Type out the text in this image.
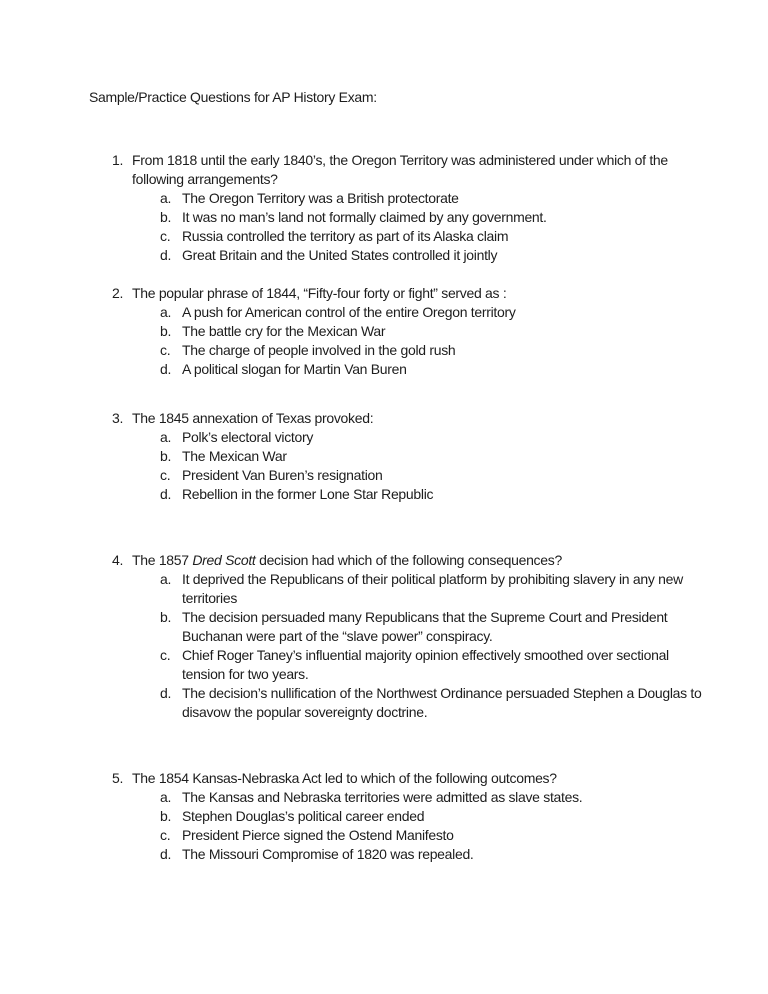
Sample/Practice Questions for AP History Exam:
1. From 1818 until the early 1840’s, the Oregon Territory was administered under which of the
following arrangements?
a. The Oregon Territory was a British protectorate
b. It was no man’s land not formally claimed by any government.
c. Russia controlled the territory as part of its Alaska claim
d. Great Britain and the United States controlled it jointly
2. The popular phrase of 1844, “Fifty-four forty or fight” served as :
a. A push for American control of the entire Oregon territory
b. The battle cry for the Mexican War
c. The charge of people involved in the gold rush
d. A political slogan for Martin Van Buren
3. The 1845 annexation of Texas provoked:
a. Polk’s electoral victory
b. The Mexican War
c. President Van Buren’s resignation
d. Rebellion in the former Lone Star Republic
4. The 1857 Dred Scott decision had which of the following consequences?
a. It deprived the Republicans of their political platform by prohibiting slavery in any new
territories
b. The decision persuaded many Republicans that the Supreme Court and President
Buchanan were part of the “slave power” conspiracy.
c. Chief Roger Taney’s influential majority opinion effectively smoothed over sectional
tension for two years.
d. The decision’s nullification of the Northwest Ordinance persuaded Stephen a Douglas to
disavow the popular sovereignty doctrine.
5. The 1854 Kansas-Nebraska Act led to which of the following outcomes?
a. The Kansas and Nebraska territories were admitted as slave states.
b. Stephen Douglas’s political career ended
c. President Pierce signed the Ostend Manifesto
d. The Missouri Compromise of 1820 was repealed.
